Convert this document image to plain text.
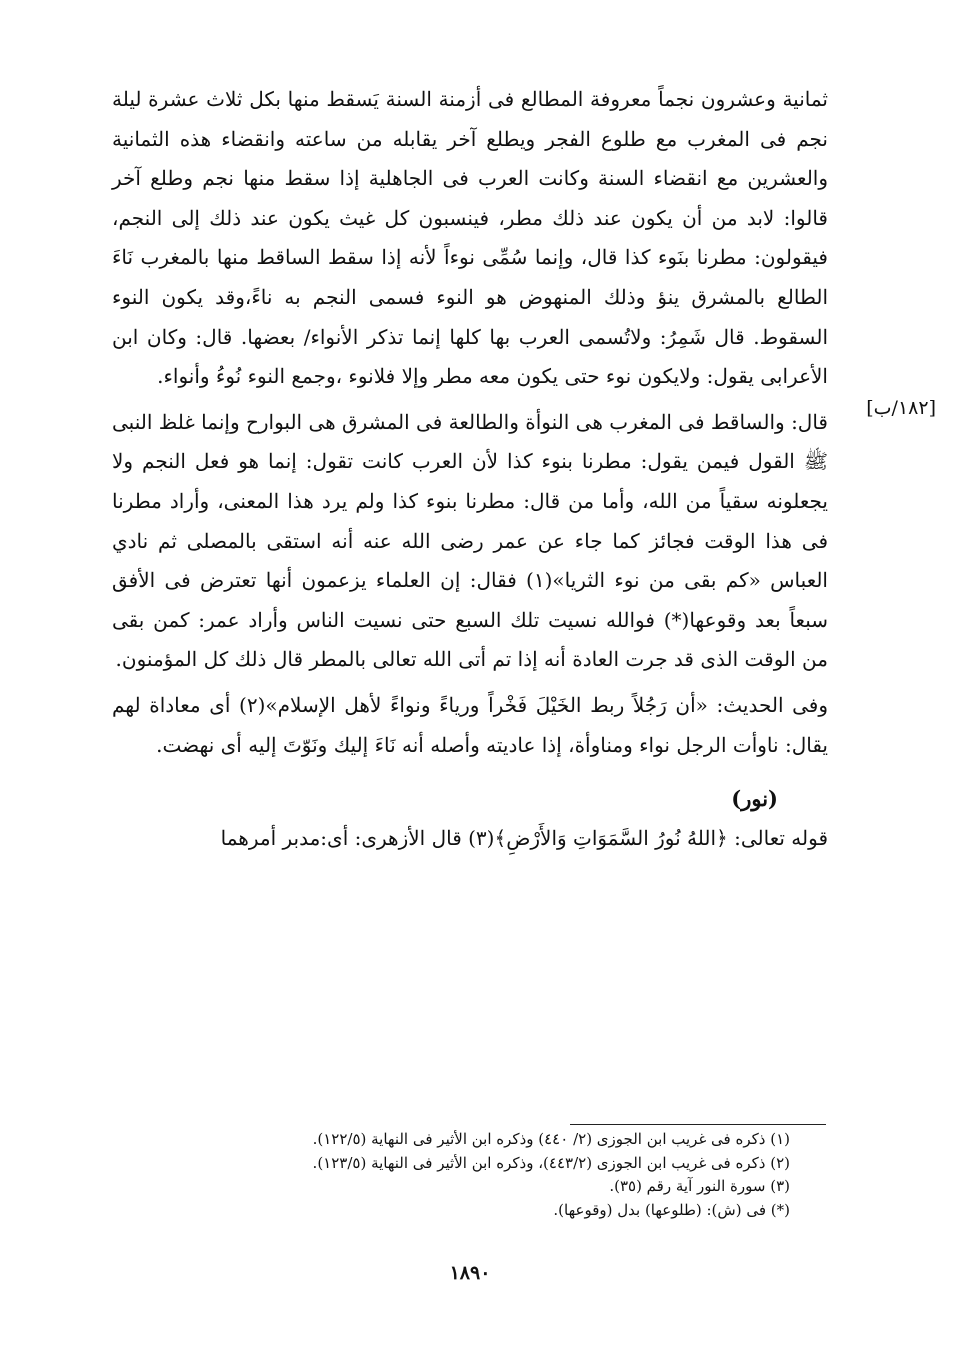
ثمانية وعشرون نجماً معروفة المطالع فى أزمنة السنة يَسقط منها بكل ثلاث عشرة ليلة نجم فى المغرب مع طلوع الفجر ويطلع آخر يقابله من ساعته وانقضاء هذه الثمانية والعشرين مع انقضاء السنة وكانت العرب فى الجاهلية إذا سقط منها نجم وطلع آخر قالوا: لابد من أن يكون عند ذلك مطر، فينسبون كل غيث يكون عند ذلك إلى النجم، فيقولون: مطرنا بنَوء كذا قال، وإنما سُمِّى نوءاً لأنه إذا سقط الساقط منها بالمغرب نَاءَ الطالع بالمشرق ينؤ وذلك المنهوض هو النوء فسمى النجم به ناءً،وقد يكون النوء السقوط. قال شَمِرُ: ولاتُسمى العرب بها كلها إنما تذكر الأنواء/ بعضها. قال: وكان ابن الأعرابى يقول: ولايكون نوء حتى يكون معه مطر وإلا فلانوء ،وجمع النوء نُوءُ وأنواء.

قال: والساقط فى المغرب هى النوأة والطالعة فى المشرق هى البوارح وإنما غلظ النبى ﷺ القول فيمن يقول: مطرنا بنوء كذا لأن العرب كانت تقول: إنما هو فعل النجم ولا يجعلونه سقياً من الله، وأما من قال: مطرنا بنوء كذا ولم يرد هذا المعنى، وأراد مطرنا فى هذا الوقت فجائز كما جاء عن عمر رضى الله عنه أنه استقى بالمصلى ثم نادي العباس «كم بقى من نوء الثريا»(١) فقال: إن العلماء يزعمون أنها تعترض فى الأفق سبعاً بعد وقوعها(*) فوالله نسيت تلك السبع حتى نسيت الناس وأراد عمر: كمن بقى من الوقت الذى قد جرت العادة أنه إذا تم أتى الله تعالى بالمطر قال ذلك كل المؤمنون.

وفى الحديث: «أن رَجُلاً ربط الخَيْلَ فَخْراً ورياءً ونواءً لأهل الإسلام»(٢) أى معاداة لهم يقال: ناوأت الرجل نواء ومناوأة، إذا عاديته وأصله أنه نَاءَ إليك ونَوّتَ إليه أى نهضت.

(نور)

قوله تعالى: ﴿اللهُ نُورُ السَّمَوَاتِ وَالأَرْضِ﴾(٣) قال الأزهرى: أى:مدبر أمرهما

[١٨٢/ب]

(١) ذكره فى غريب ابن الجوزى (٢/ ٤٤٠) وذكره ابن الأثير فى النهاية (١٢٢/٥).

(٢) ذكره فى غريب ابن الجوزى (٤٤٣/٢)، وذكره ابن الأثير فى النهاية (١٢٣/٥).

(٣) سورة النور آية رقم (٣٥).

(*) فى (ش): (طلوعها) بدل (وقوعها).

١٨٩٠
